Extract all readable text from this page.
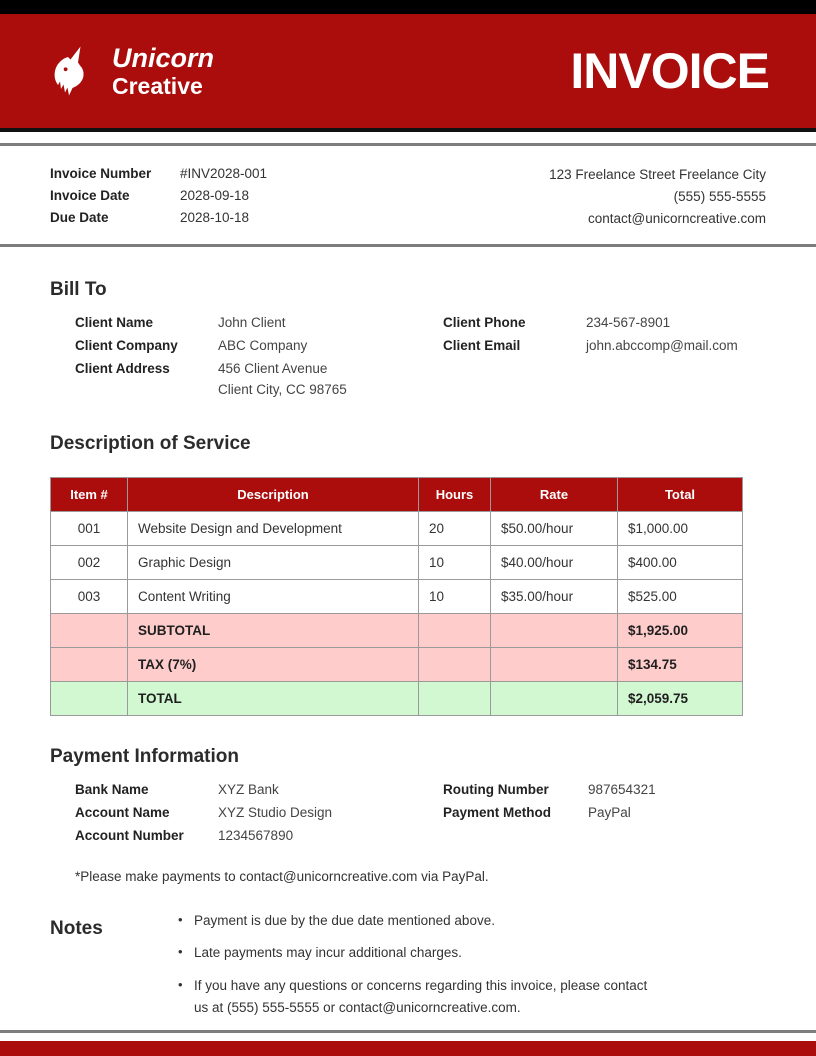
Unicorn
Creative	INVOICE
Invoice Number	#INV2028-001
Invoice Date	2028-09-18
Due Date	2028-10-18
123 Freelance Street Freelance City
(555) 555-5555
contact@unicorncreative.com
Bill To
Client Name	John Client
Client Company	ABC Company
Client Address	456 Client Avenue
Client City, CC 98765
Client Phone	234-567-8901
Client Email	john.abccomp@mail.com
Description of Service
Item #	Description	Hours	Rate	Total
001	Website Design and Development	20	$50.00/hour	$1,000.00
002	Graphic Design	10	$40.00/hour	$400.00
003	Content Writing	10	$35.00/hour	$525.00
	SUBTOTAL			$1,925.00
	TAX (7%)			$134.75
	TOTAL			$2,059.75
Payment Information
Bank Name	XYZ Bank
Account Name	XYZ Studio Design
Account Number	1234567890
Routing Number	987654321
Payment Method	PayPal
*Please make payments to contact@unicorncreative.com via PayPal.
Notes	• Payment is due by the due date mentioned above.
• Late payments may incur additional charges.
• If you have any questions or concerns regarding this invoice, please contact us at (555) 555-5555 or contact@unicorncreative.com.
